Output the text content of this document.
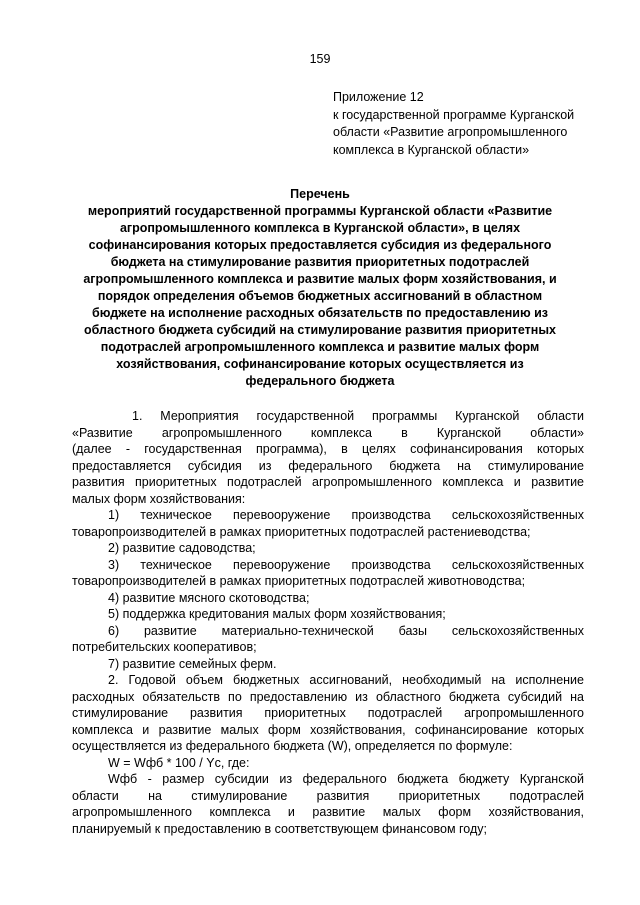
159
Приложение 12
к государственной программе Курганской
области «Развитие агропромышленного
комплекса в Курганской области»
Перечень
мероприятий государственной программы Курганской области «Развитие
агропромышленного комплекса в Курганской области», в целях
софинансирования которых предоставляется субсидия из федерального
бюджета на стимулирование развития приоритетных подотраслей
агропромышленного комплекса и развитие малых форм хозяйствования, и
порядок определения объемов бюджетных ассигнований в областном
бюджете на исполнение расходных обязательств по предоставлению из
областного бюджета субсидий на стимулирование развития приоритетных
подотраслей агропромышленного комплекса и развитие малых форм
хозяйствования, софинансирование которых осуществляется из
федерального бюджета
1. Мероприятия государственной программы Курганской области
«Развитие агропромышленного комплекса в Курганской области»
(далее - государственная программа), в целях софинансирования которых
предоставляется субсидия из федерального бюджета на стимулирование
развития приоритетных подотраслей агропромышленного комплекса и развитие
малых форм хозяйствования:
1) техническое перевооружение производства сельскохозяйственных
товаропроизводителей в рамках приоритетных подотраслей растениеводства;
2) развитие садоводства;
3) техническое перевооружение производства сельскохозяйственных
товаропроизводителей в рамках приоритетных подотраслей животноводства;
4) развитие мясного скотоводства;
5) поддержка кредитования малых форм хозяйствования;
6) развитие материально-технической базы сельскохозяйственных
потребительских кооперативов;
7) развитие семейных ферм.
2. Годовой объем бюджетных ассигнований, необходимый на исполнение
расходных обязательств по предоставлению из областного бюджета субсидий на
стимулирование развития приоритетных подотраслей агропромышленного
комплекса и развитие малых форм хозяйствования, софинансирование которых
осуществляется из федерального бюджета (W), определяется по формуле:
W = Wфб * 100 / Yc, где:
Wфб - размер субсидии из федерального бюджета бюджету Курганской
области на стимулирование развития приоритетных подотраслей
агропромышленного комплекса и развитие малых форм хозяйствования,
планируемый к предоставлению в соответствующем финансовом году;
